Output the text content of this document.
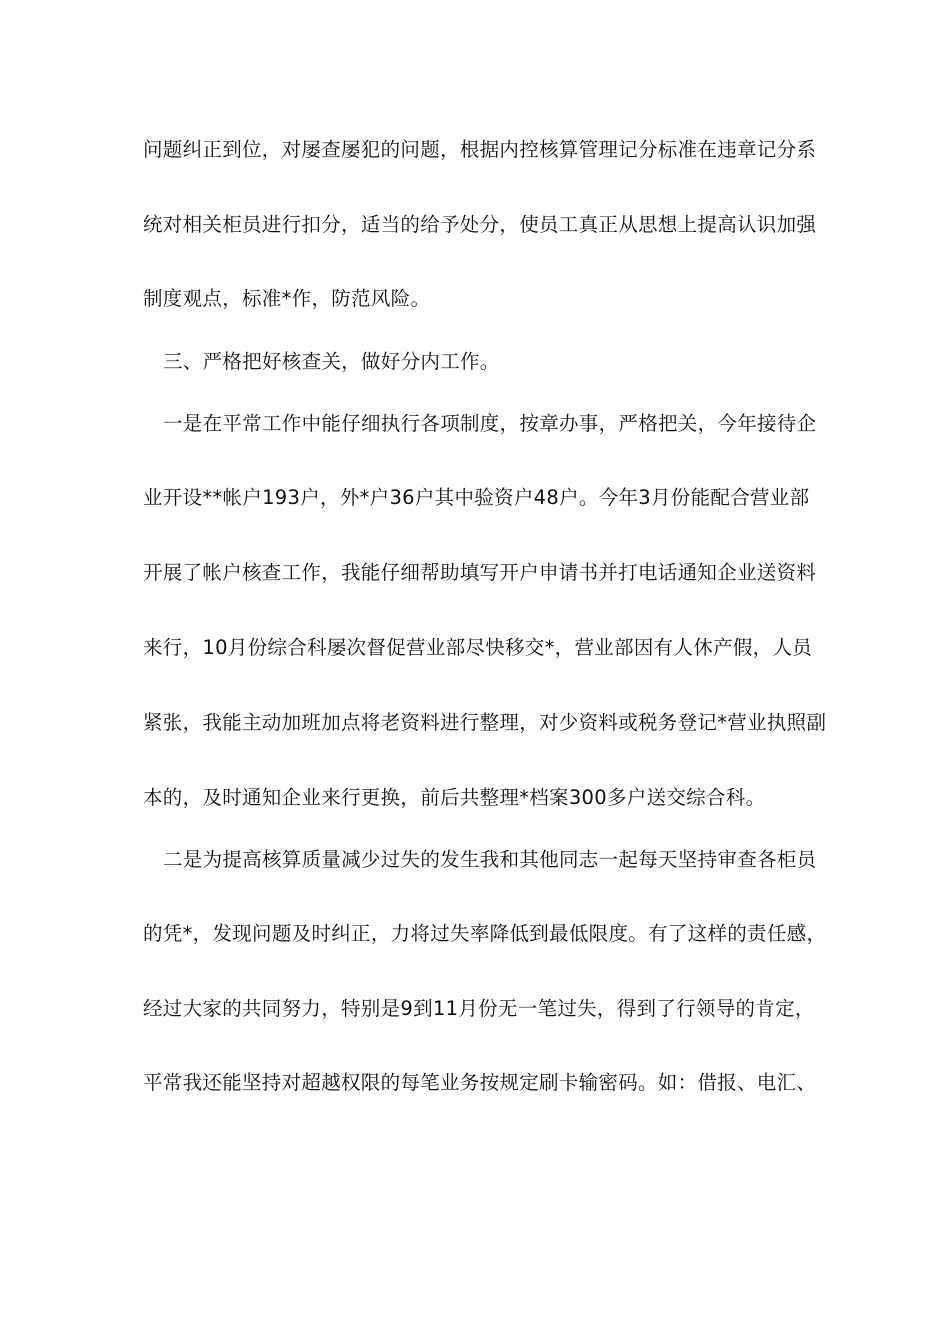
问题纠正到位，对屡查屡犯的问题，根据内控核算管理记分标准在违章记分系

统对相关柜员进行扣分，适当的给予处分，使员工真正从思想上提高认识加强

制度观点，标准*作，防范风险。

三、严格把好核查关，做好分内工作。

一是在平常工作中能仔细执行各项制度，按章办事，严格把关，今年接待企

业开设**帐户193户，外*户36户其中验资户48户。今年3月份能配合营业部

开展了帐户核查工作，我能仔细帮助填写开户申请书并打电话通知企业送资料

来行，10月份综合科屡次督促营业部尽快移交*，营业部因有人休产假，人员

紧张，我能主动加班加点将老资料进行整理，对少资料或税务登记*营业执照副

本的，及时通知企业来行更换，前后共整理*档案300多户送交综合科。

二是为提高核算质量减少过失的发生我和其他同志一起每天坚持审查各柜员

的凭*，发现问题及时纠正，力将过失率降低到最低限度。有了这样的责任感，

经过大家的共同努力，特别是9到11月份无一笔过失，得到了行领导的肯定，

平常我还能坚持对超越权限的每笔业务按规定刷卡输密码。如：借报、电汇、
